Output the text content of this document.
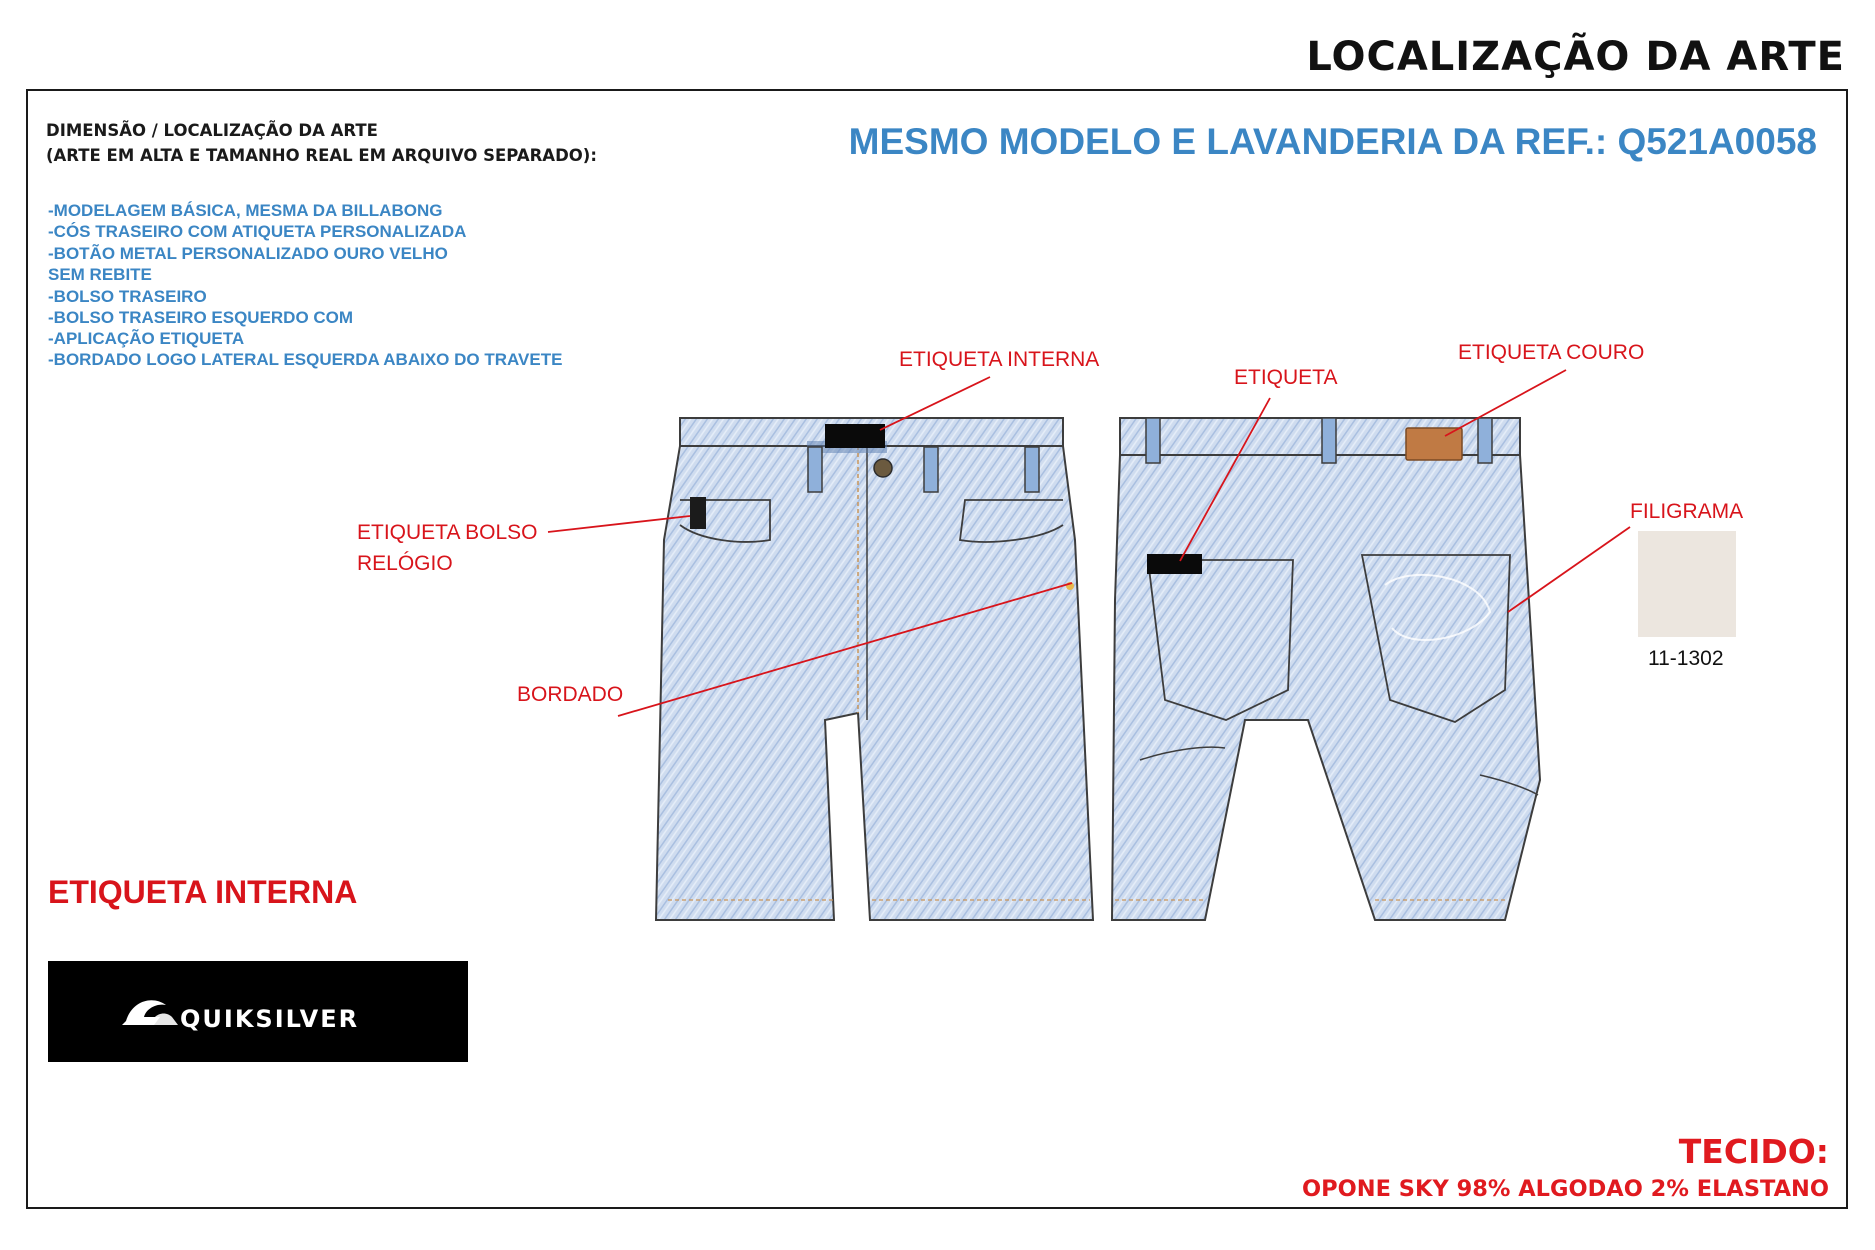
LOCALIZAÇÃO DA ARTE
DIMENSÃO / LOCALIZAÇÃO DA ARTE
(ARTE EM ALTA E TAMANHO REAL EM ARQUIVO SEPARADO):	MESMO MODELO E LAVANDERIA DA REF.: Q521A0058
-MODELAGEM BÁSICA, MESMA DA BILLABONG
-CÓS TRASEIRO COM ATIQUETA PERSONALIZADA
-BOTÃO METAL PERSONALIZADO OURO VELHO
SEM REBITE
-BOLSO TRASEIRO
-BOLSO TRASEIRO ESQUERDO COM
-APLICAÇÃO ETIQUETA
-BORDADO LOGO LATERAL ESQUERDA ABAIXO DO TRAVETE	ETIQUETA INTERNA
ETIQUETA
ETIQUETA COURO
ETIQUETA BOLSO
RELÓGIO
BORDADO
FILIGRAMA
11-1302
ETIQUETA INTERNA
QUIKSILVER
TECIDO:
OPONE SKY 98% ALGODAO 2% ELASTANO
